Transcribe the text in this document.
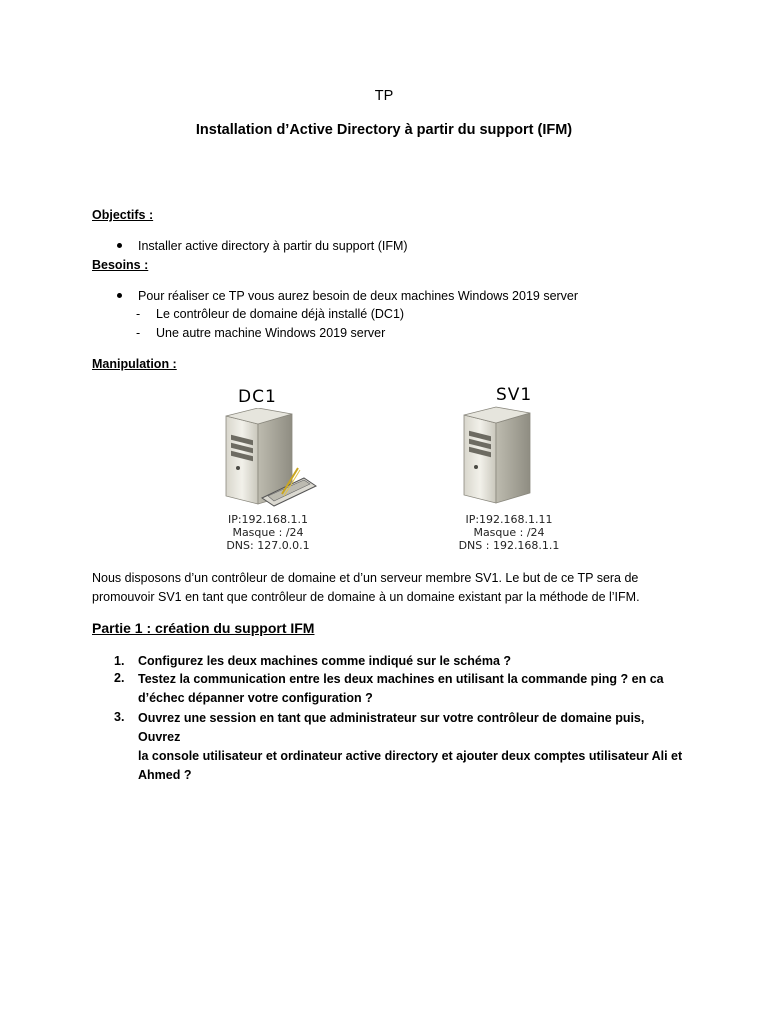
TP
Installation d’Active Directory à partir du support (IFM)
Objectifs :
Installer active directory à partir du support (IFM)
Besoins :
Pour réaliser ce TP vous aurez besoin de deux machines Windows 2019 server
-	Le contrôleur de domaine déjà installé (DC1)
-	Une autre machine Windows 2019 server
Manipulation :
DC1
IP:192.168.1.1
Masque : /24
DNS: 127.0.0.1
SV1
IP:192.168.1.11
Masque : /24
DNS : 192.168.1.1
Nous disposons d’un contrôleur de domaine et d’un serveur membre SV1. Le but de ce TP sera de
promouvoir SV1 en tant que contrôleur de domaine à un domaine existant par la méthode de l’IFM.
Partie 1 : création du support IFM
1.	Configurez les deux machines comme indiqué sur le schéma ?
2.	Testez la communication entre les deux machines en utilisant la commande ping ? en ca
d’échec dépanner votre configuration ?
3.	Ouvrez une session en tant que administrateur sur votre contrôleur de domaine puis, Ouvrez
la console utilisateur et ordinateur active directory et ajouter deux comptes utilisateur Ali et
Ahmed ?
